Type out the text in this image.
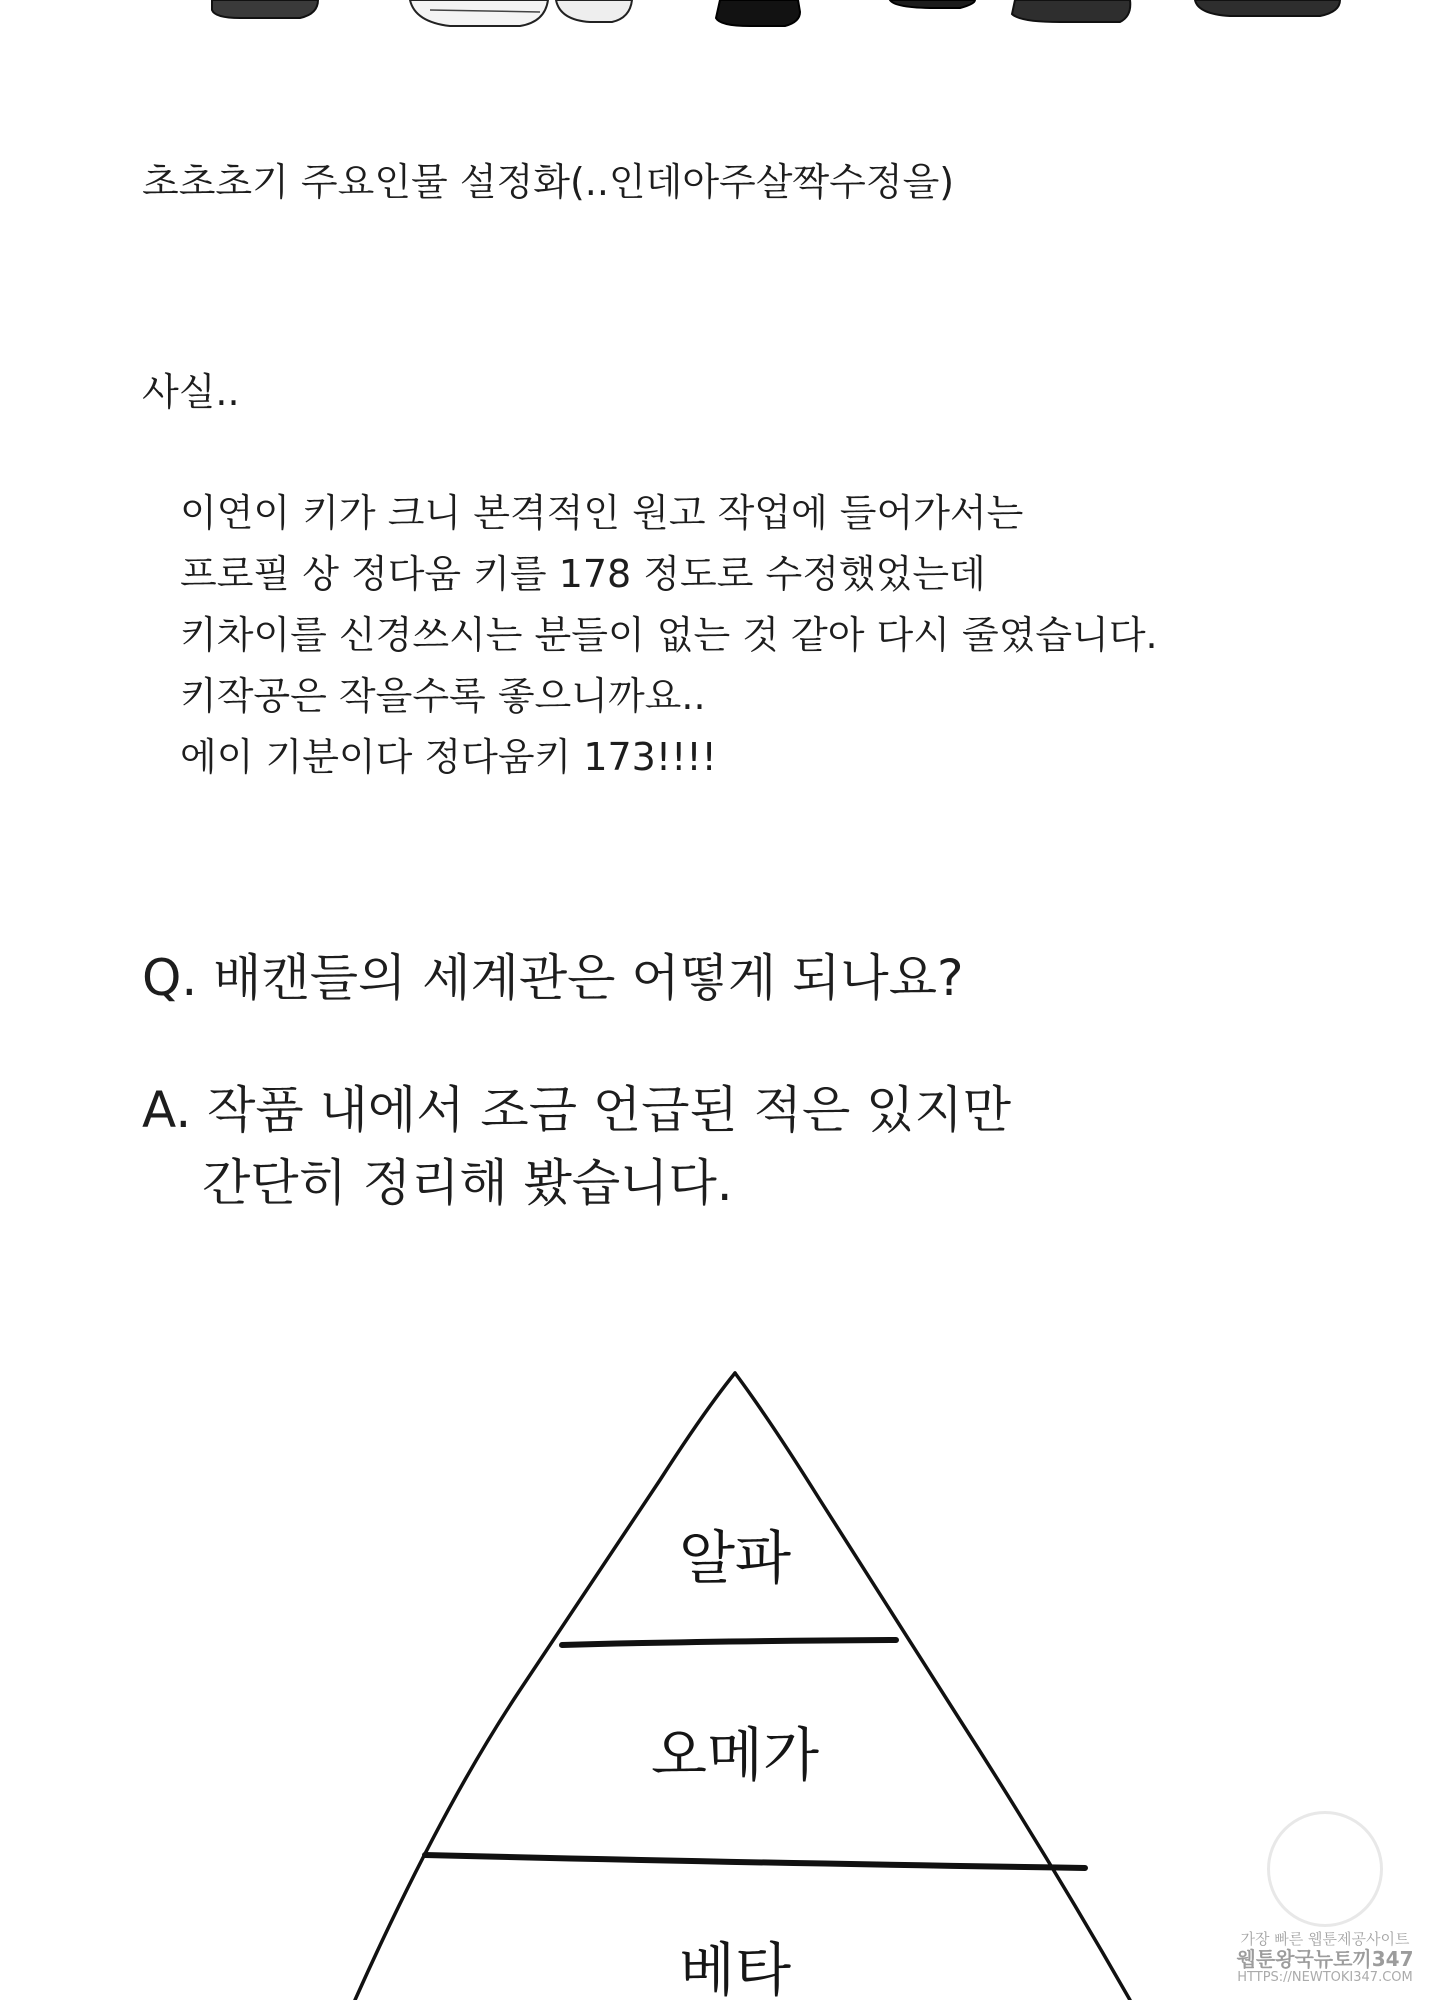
초초초기 주요인물 설정화(..인데아주살짝수정을)
사실..
이연이 키가 크니 본격적인 원고 작업에 들어가서는
프로필 상 정다움 키를 178 정도로 수정했었는데
키차이를 신경쓰시는 분들이 없는 것 같아 다시 줄였습니다.
키작공은 작을수록 좋으니까요..
에이 기분이다 정다움키 173!!!!
Q. 배캔들의 세계관은 어떻게 되나요?
A. 작품 내에서 조금 언급된 적은 있지만
간단히 정리해 봤습니다.
알파
오메가
베타	가장 빠른 웹툰제공사이트
웹툰왕국뉴토끼347
HTTPS://NEWTOKI347.COM
